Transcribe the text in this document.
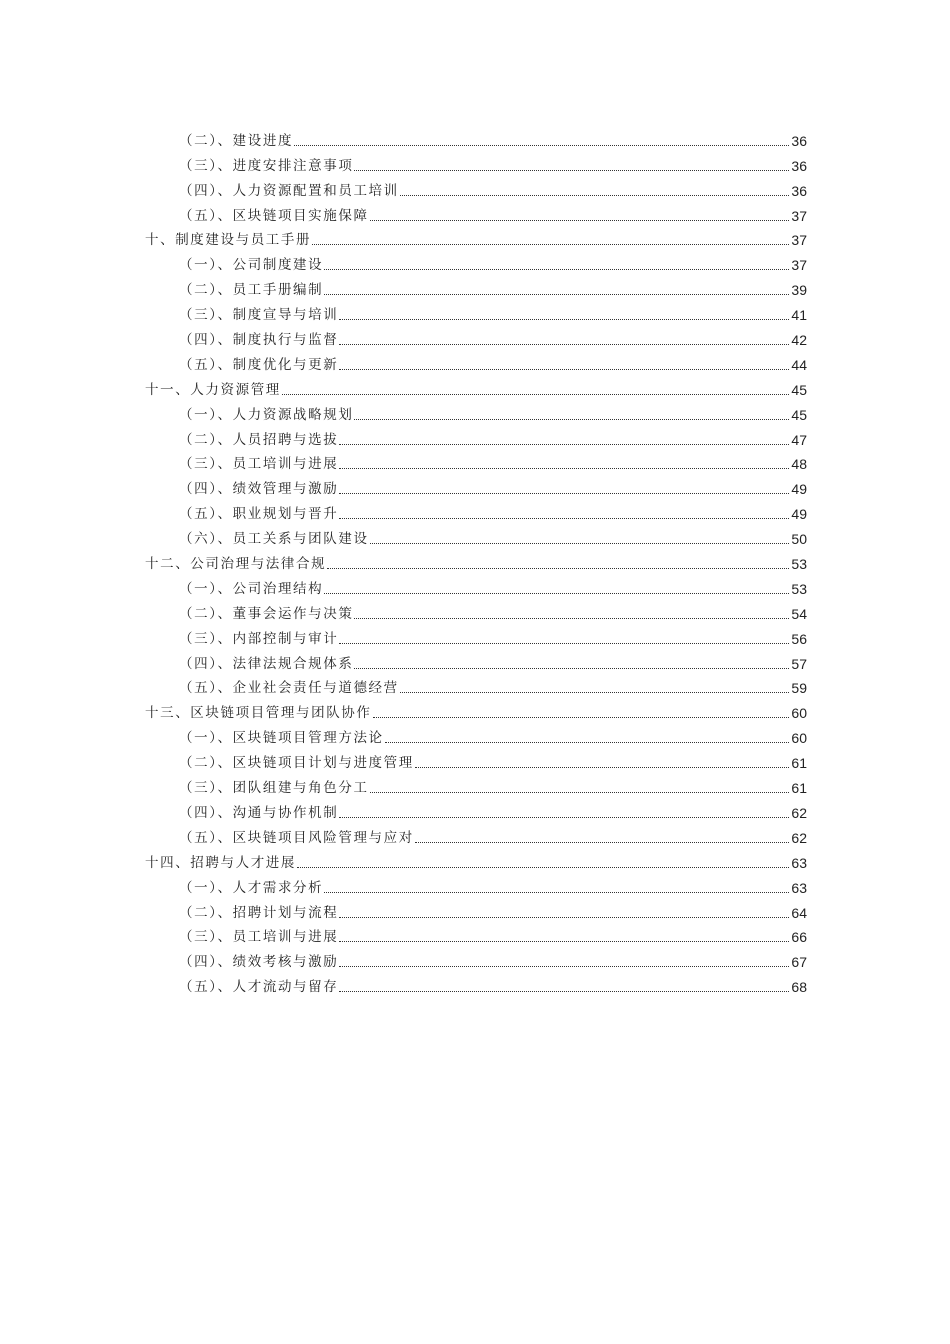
（二）、建设进度	36
（三）、进度安排注意事项	36
（四）、人力资源配置和员工培训	36
（五）、区块链项目实施保障	37
十、制度建设与员工手册	37
（一）、公司制度建设	37
（二）、员工手册编制	39
（三）、制度宣导与培训	41
（四）、制度执行与监督	42
（五）、制度优化与更新	44
十一、人力资源管理	45
（一）、人力资源战略规划	45
（二）、人员招聘与选拔	47
（三）、员工培训与进展	48
（四）、绩效管理与激励	49
（五）、职业规划与晋升	49
（六）、员工关系与团队建设	50
十二、公司治理与法律合规	53
（一）、公司治理结构	53
（二）、董事会运作与决策	54
（三）、内部控制与审计	56
（四）、法律法规合规体系	57
（五）、企业社会责任与道德经营	59
十三、区块链项目管理与团队协作	60
（一）、区块链项目管理方法论	60
（二）、区块链项目计划与进度管理	61
（三）、团队组建与角色分工	61
（四）、沟通与协作机制	62
（五）、区块链项目风险管理与应对	62
十四、招聘与人才进展	63
（一）、人才需求分析	63
（二）、招聘计划与流程	64
（三）、员工培训与进展	66
（四）、绩效考核与激励	67
（五）、人才流动与留存	68
